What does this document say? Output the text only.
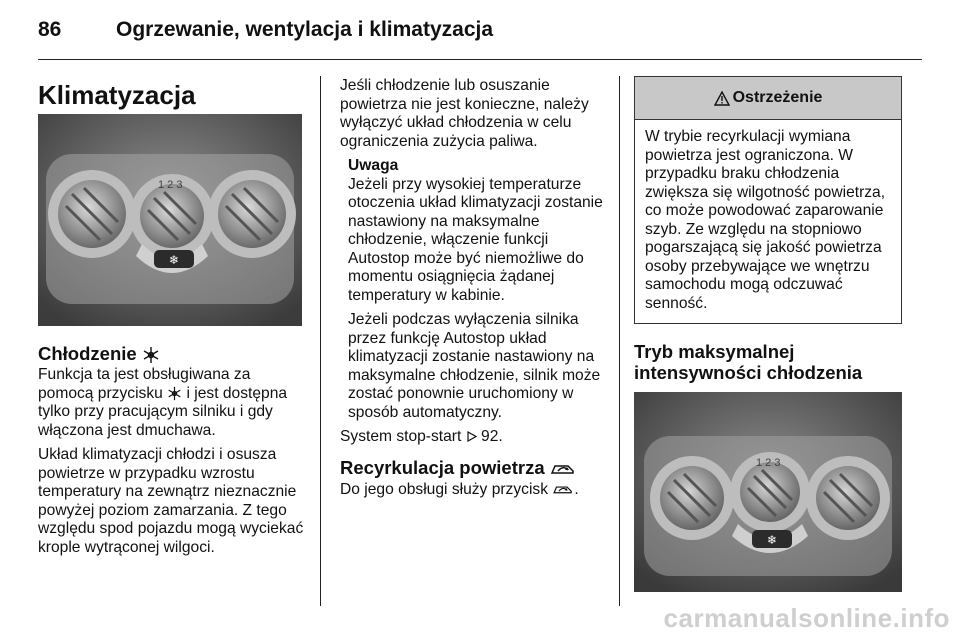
86	Ogrzewanie, wentylacja i klimatyzacja
Klimatyzacja
1 2 3
❄
Chłodzenie

Funkcja ta jest obsługiwana za pomocą przycisku i jest dostępna tylko przy pracującym silniku i gdy włączona jest dmuchawa.

Układ klimatyzacji chłodzi i osusza powietrze w przypadku wzrostu temperatury na zewnątrz nieznacznie powyżej poziom zamarzania. Z tego względu spod pojazdu mogą wyciekać krople wytrąconej wilgoci.

Jeśli chłodzenie lub osuszanie powietrza nie jest konieczne, należy wyłączyć układ chłodzenia w celu ograniczenia zużycia paliwa.

Uwaga

Jeżeli przy wysokiej temperaturze otoczenia układ klimatyzacji zostanie nastawiony na maksymalne chłodzenie, włączenie funkcji Autostop może być niemożliwe do momentu osiągnięcia żądanej temperatury w kabinie.

Jeżeli podczas wyłączenia silnika przez funkcję Autostop układ klimatyzacji zostanie nastawiony na maksymalne chłodzenie, silnik może zostać ponownie uruchomiony w sposób automatyczny.

System stop-start 92.

Recyrkulacja powietrza

Do jego obsługi służy przycisk .

Ostrzeżenie
W trybie recyrkulacji wymiana powietrza jest ograniczona. W przypadku braku chłodzenia zwiększa się wilgotność powietrza, co może powodować zaparowanie szyb. Ze względu na stopniowo pogarszającą się jakość powietrza osoby przebywające we wnętrzu samochodu mogą odczuwać senność.
Tryb maksymalnej intensywności chłodzenia
1 2 3
❄
carmanualsonline.info
